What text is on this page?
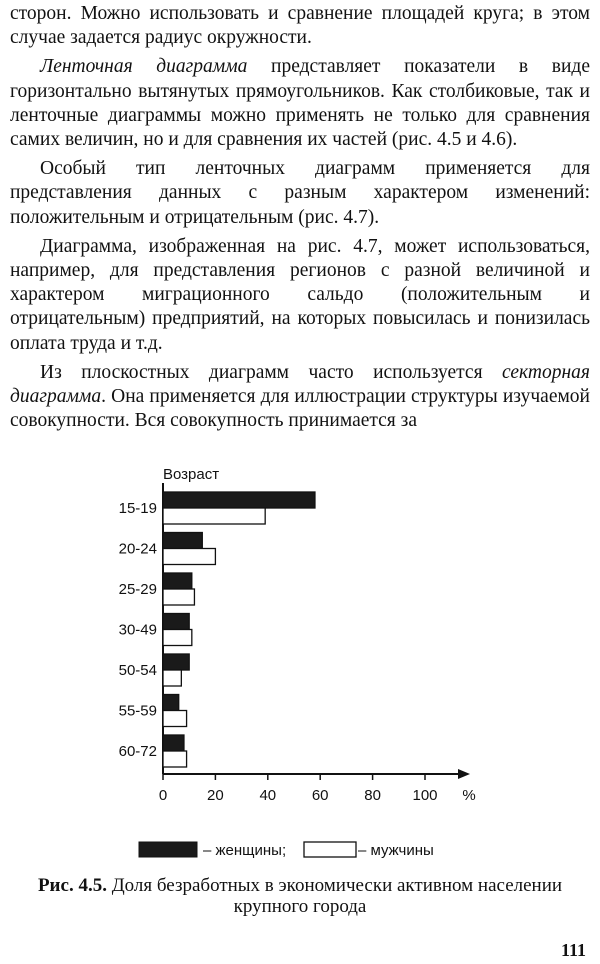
сторон. Можно использовать и сравнение площадей круга; в этом случае задается радиус окружности.

Ленточная диаграмма представляет показатели в виде горизонтально вытянутых прямоугольников. Как столбиковые, так и ленточные диаграммы можно применять не только для сравнения самих величин, но и для сравнения их частей (рис. 4.5 и 4.6).

Особый тип ленточных диаграмм применяется для представления данных с разным характером изменений: положительным и отрицательным (рис. 4.7).

Диаграмма, изображенная на рис. 4.7, может использоваться, например, для представления регионов с разной величиной и характером миграционного сальдо (положительным и отрицательным) предприятий, на которых повысилась и понизилась оплата труда и т.д.

Из плоскостных диаграмм часто используется секторная диаграмма. Она применяется для иллюстрации структуры изучаемой совокупности. Вся совокупность принимается за

Возраст
15-19
20-24
25-29
30-49
50-54
55-59
60-72
0	20 40 60 80 100 %
– женщины;	– мужчины
Рис. 4.5. Доля безработных в экономически активном населении крупного города
111
